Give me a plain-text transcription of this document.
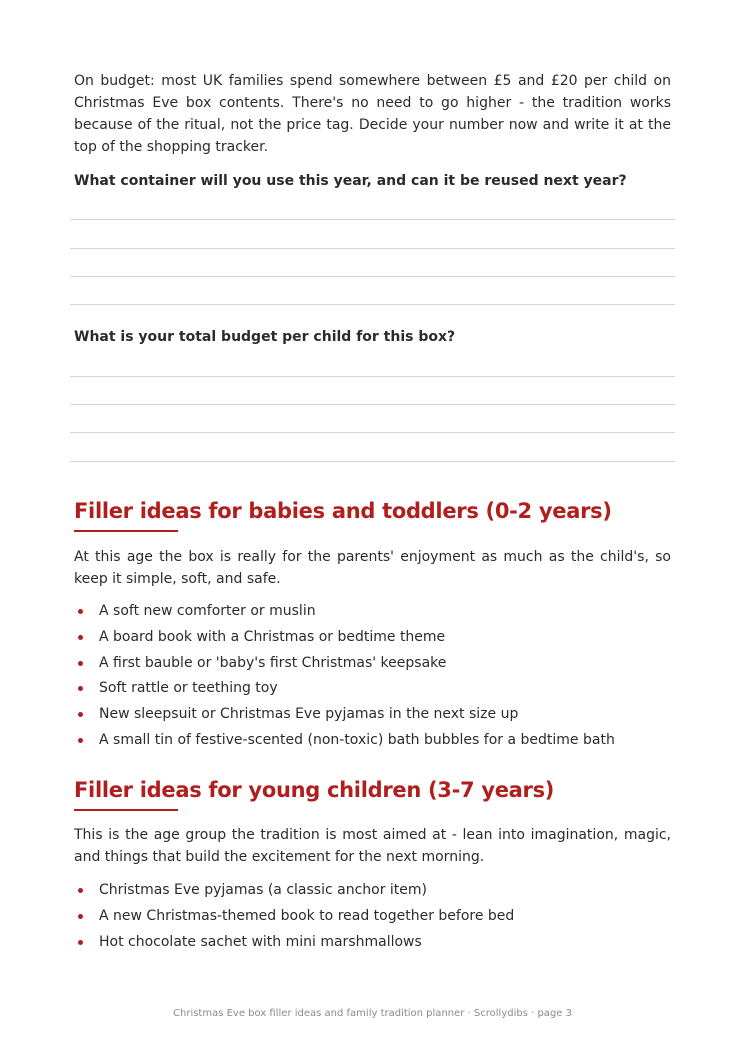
On budget: most UK families spend somewhere between £5 and £20 per child on Christmas Eve box contents. There's no need to go higher - the tradition works because of the ritual, not the price tag. Decide your number now and write it at the top of the shopping tracker.

What container will you use this year, and can it be reused next year?

What is your total budget per child for this box?

Filler ideas for babies and toddlers (0-2 years)

At this age the box is really for the parents' enjoyment as much as the child's, so keep it simple, soft, and safe.

A soft new comforter or muslin
A board book with a Christmas or bedtime theme
A first bauble or 'baby's first Christmas' keepsake
Soft rattle or teething toy
New sleepsuit or Christmas Eve pyjamas in the next size up
A small tin of festive-scented (non-toxic) bath bubbles for a bedtime bath
Filler ideas for young children (3-7 years)

This is the age group the tradition is most aimed at - lean into imagination, magic, and things that build the excitement for the next morning.

Christmas Eve pyjamas (a classic anchor item)
A new Christmas-themed book to read together before bed
Hot chocolate sachet with mini marshmallows
Christmas Eve box filler ideas and family tradition planner · Scrollydibs · page 3
